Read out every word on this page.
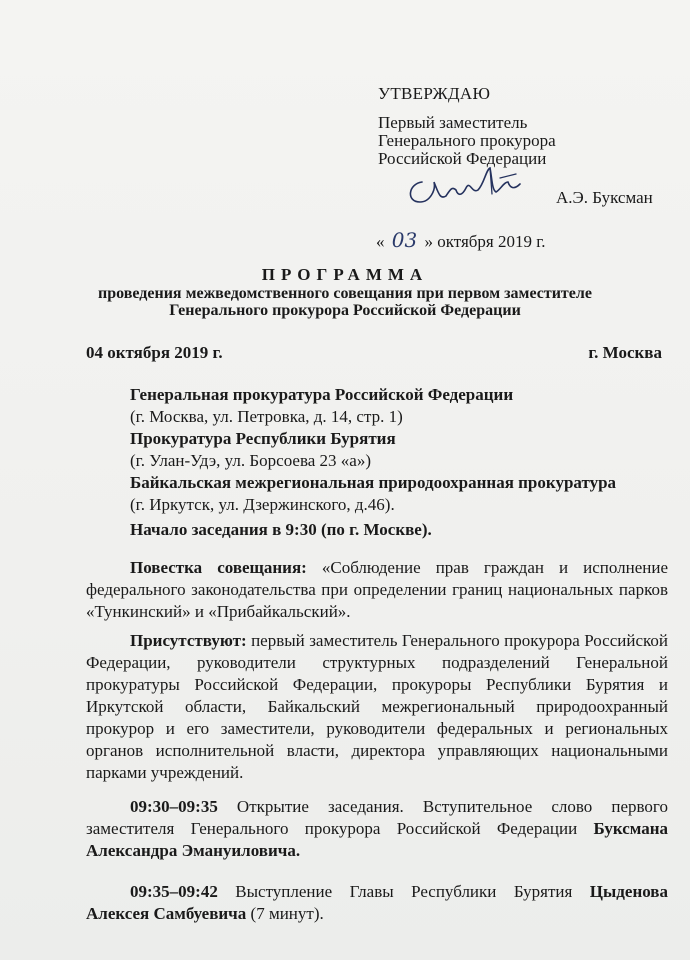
УТВЕРЖДАЮ
Первый заместитель
Генерального прокурора
Российской Федерации
А.Э. Буксман
« 03 » октября 2019 г.
ПРОГРАММА
проведения межведомственного совещания при первом заместителе
Генерального прокурора Российской Федерации
04 октября 2019 г.	г. Москва
Генеральная прокуратура Российской Федерации
(г. Москва, ул. Петровка, д. 14, стр. 1)
Прокуратура Республики Бурятия
(г. Улан-Удэ, ул. Борсоева 23 «а»)
Байкальская межрегиональная природоохранная прокуратура
(г. Иркутск, ул. Дзержинского, д.46).
Начало заседания в 9:30 (по г. Москве).
Повестка совещания: «Соблюдение прав граждан и исполнение федерального законодательства при определении границ национальных парков «Тункинский» и «Прибайкальский».
Присутствуют: первый заместитель Генерального прокурора Российской Федерации, руководители структурных подразделений Генеральной прокуратуры Российской Федерации, прокуроры Республики Бурятия и Иркутской области, Байкальский межрегиональный природоохранный прокурор и его заместители, руководители федеральных и региональных органов исполнительной власти, директора управляющих национальными парками учреждений.
09:30–09:35 Открытие заседания. Вступительное слово первого заместителя Генерального прокурора Российской Федерации Буксмана Александра Эмануиловича.
09:35–09:42 Выступление Главы Республики Бурятия Цыденова Алексея Самбуевича (7 минут).
